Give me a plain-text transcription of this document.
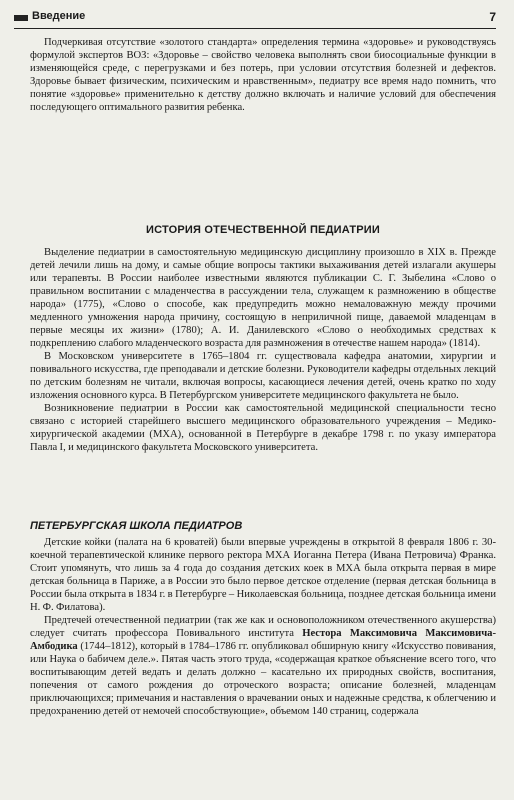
Введение	7

Подчеркивая отсутствие «золотого стандарта» определения термина «здоровье» и руководствуясь формулой экспертов ВОЗ: «Здоровье – свойство человека выполнять свои биосоциальные функции в изменяющейся среде, с перегрузками и без потерь, при условии отсутствия болезней и дефектов. Здоровье бывает физическим, психическим и нравственным», педиатру все время надо помнить, что понятие «здоровье» применительно к детству должно включать и наличие условий для обеспечения последующего оптимального развития ребенка.

ИСТОРИЯ ОТЕЧЕСТВЕННОЙ ПЕДИАТРИИ

Выделение педиатрии в самостоятельную медицинскую дисциплину произошло в XIX в. Прежде детей лечили лишь на дому, и самые общие вопросы тактики выхаживания детей излагали акушеры или терапевты. В России наиболее известными являются публикации С. Г. Зыбелина «Слово о правильном воспитании с младенчества в рассуждении тела, служащем к размножению в обществе народа» (1775), «Слово о способе, как предупредить можно немаловажную между прочими медленного умножения народа причину, состоящую в неприличной пище, даваемой младенцам в первые месяцы их жизни» (1780); А. И. Данилевского «Слово о необходимых средствах к подкреплению слабого младенческого возраста для размножения в отечестве нашем народа» (1814).

В Московском университете в 1765–1804 гг. существовала кафедра анатомии, хирургии и повивального искусства, где преподавали и детские болезни. Руководители кафедры отдельных лекций по детским болезням не читали, включая вопросы, касающиеся лечения детей, очень кратко по ходу изложения основного курса. В Петербургском университете медицинского факультета не было.

Возникновение педиатрии в России как самостоятельной медицинской специальности тесно связано с историей старейшего высшего медицинского образовательного учреждения – Медико-хирургической академии (МХА), основанной в Петербурге в декабре 1798 г. по указу императора Павла I, и медицинского факультета Московского университета.

ПЕТЕРБУРГСКАЯ ШКОЛА ПЕДИАТРОВ

Детские койки (палата на 6 кроватей) были впервые учреждены в открытой 8 февраля 1806 г. 30-коечной терапевтической клинике первого ректора МХА Иоганна Петера (Ивана Петровича) Франка. Стоит упомянуть, что лишь за 4 года до создания детских коек в МХА была открыта первая в мире детская больница в Париже, а в России это было первое детское отделение (первая детская больница в России была открыта в 1834 г. в Петербурге – Николаевская больница, позднее детская больница имени Н. Ф. Филатова).

Предтечей отечественной педиатрии (так же как и основоположником отечественного акушерства) следует считать профессора Повивального института Нестора Максимовича Максимовича-Амбодика (1744–1812), который в 1784–1786 гг. опубликовал обширную книгу «Искусство повивания, или Наука о бабичем деле.». Пятая часть этого труда, «содержащая краткое объяснение всего того, что воспитывающим детей ведать и делать должно – касательно их природных свойств, воспитания, попечения от самого рождения до отроческого возраста; описание болезней, младенцам приключающихся; примечания и наставления о врачевании оных и надежные средства, к облегчению и предохранению детей от немочей способствующие», объемом 140 страниц, содержала
